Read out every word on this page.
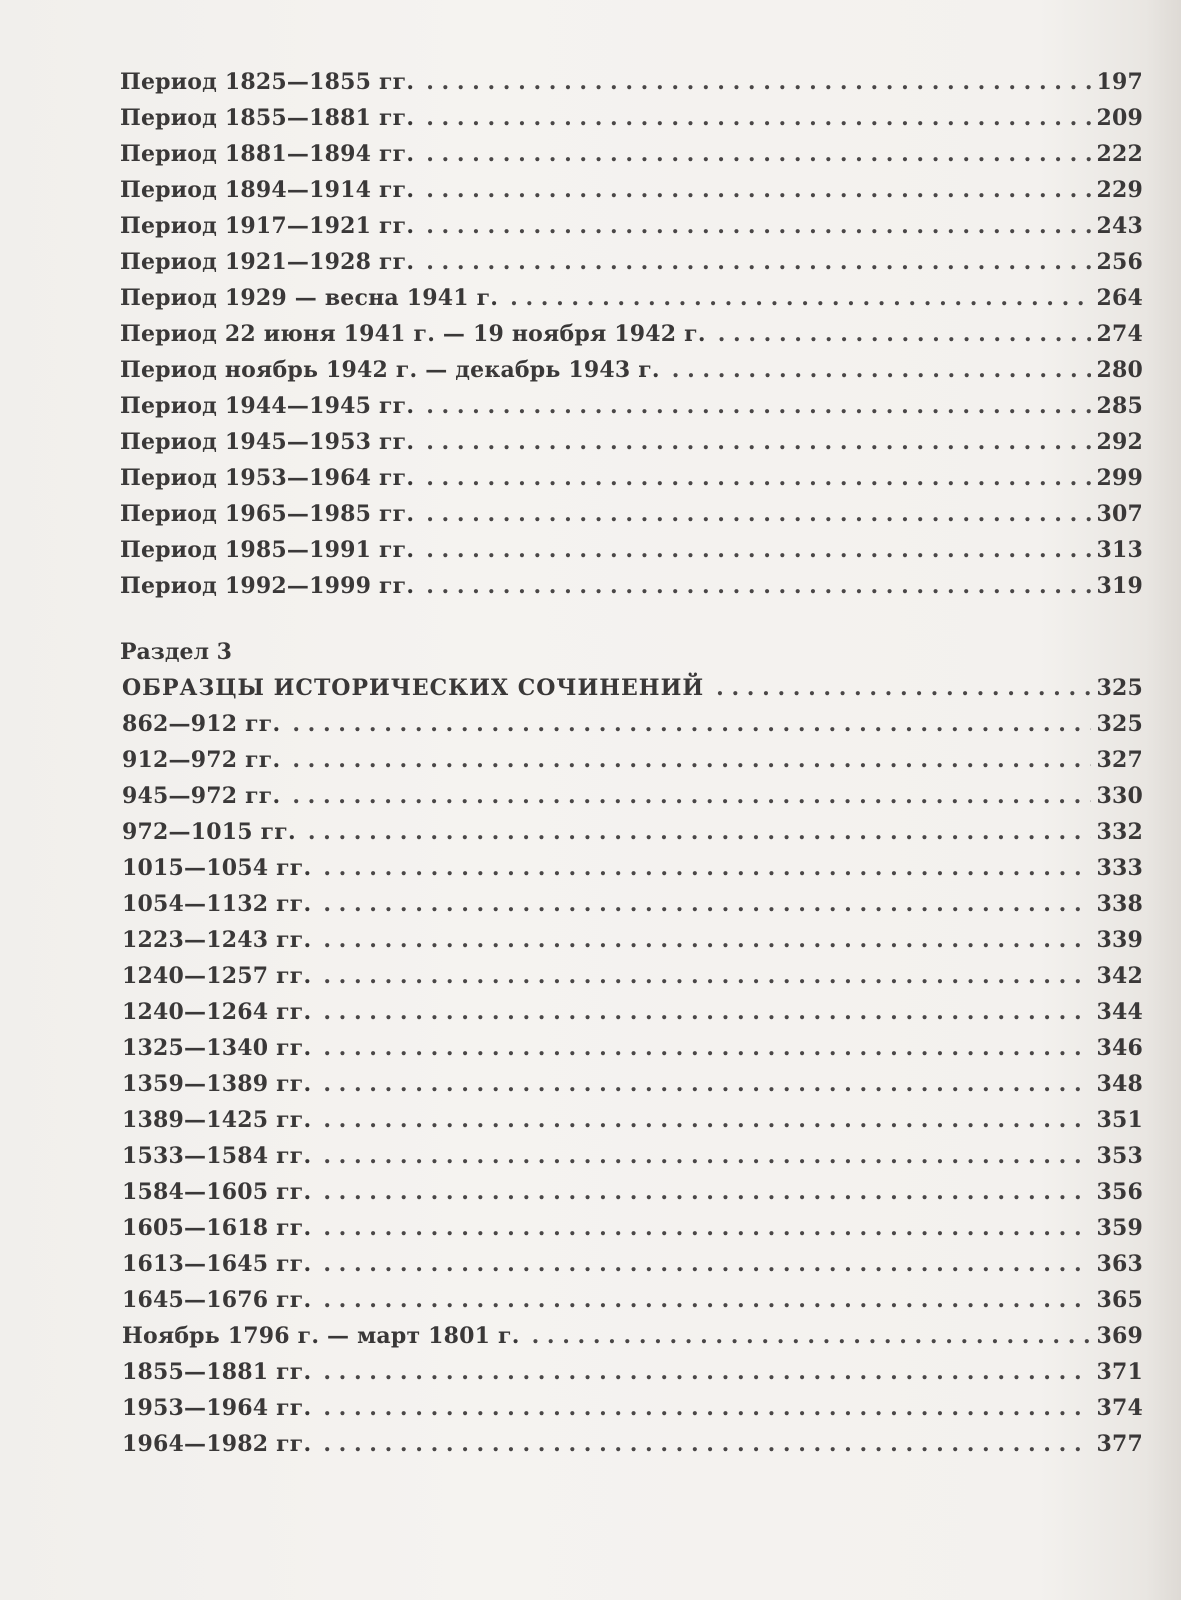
Период 1825—1855 гг. . . .	197
Период 1855—1881 гг. . . .	209
Период 1881—1894 гг. . . .	222
Период 1894—1914 гг. . . .	229
Период 1917—1921 гг. . . .	243
Период 1921—1928 гг. . . .	256
Период 1929 — весна 1941 г. . . .	264
Период 22 июня 1941 г. — 19 ноября 1942 г. . . .	274
Период ноябрь 1942 г. — декабрь 1943 г. . . .	280
Период 1944—1945 гг. . . .	285
Период 1945—1953 гг. . . .	292
Период 1953—1964 гг. . . .	299
Период 1965—1985 гг. . . .	307
Период 1985—1991 гг. . . .	313
Период 1992—1999 гг. . . .	319
Раздел 3
ОБРАЗЦЫ ИСТОРИЧЕСКИХ СОЧИНЕНИЙ . . .	325
862—912 гг. . . .	325
912—972 гг. . . .	327
945—972 гг. . . .	330
972—1015 гг. . . .	332
1015—1054 гг. . . .	333
1054—1132 гг. . . .	338
1223—1243 гг. . . .	339
1240—1257 гг. . . .	342
1240—1264 гг. . . .	344
1325—1340 гг. . . .	346
1359—1389 гг. . . .	348
1389—1425 гг. . . .	351
1533—1584 гг. . . .	353
1584—1605 гг. . . .	356
1605—1618 гг. . . .	359
1613—1645 гг. . . .	363
1645—1676 гг. . . .	365
Ноябрь 1796 г. — март 1801 г. . . .	369
1855—1881 гг. . . .	371
1953—1964 гг. . . .	374
1964—1982 гг. . . .	377
